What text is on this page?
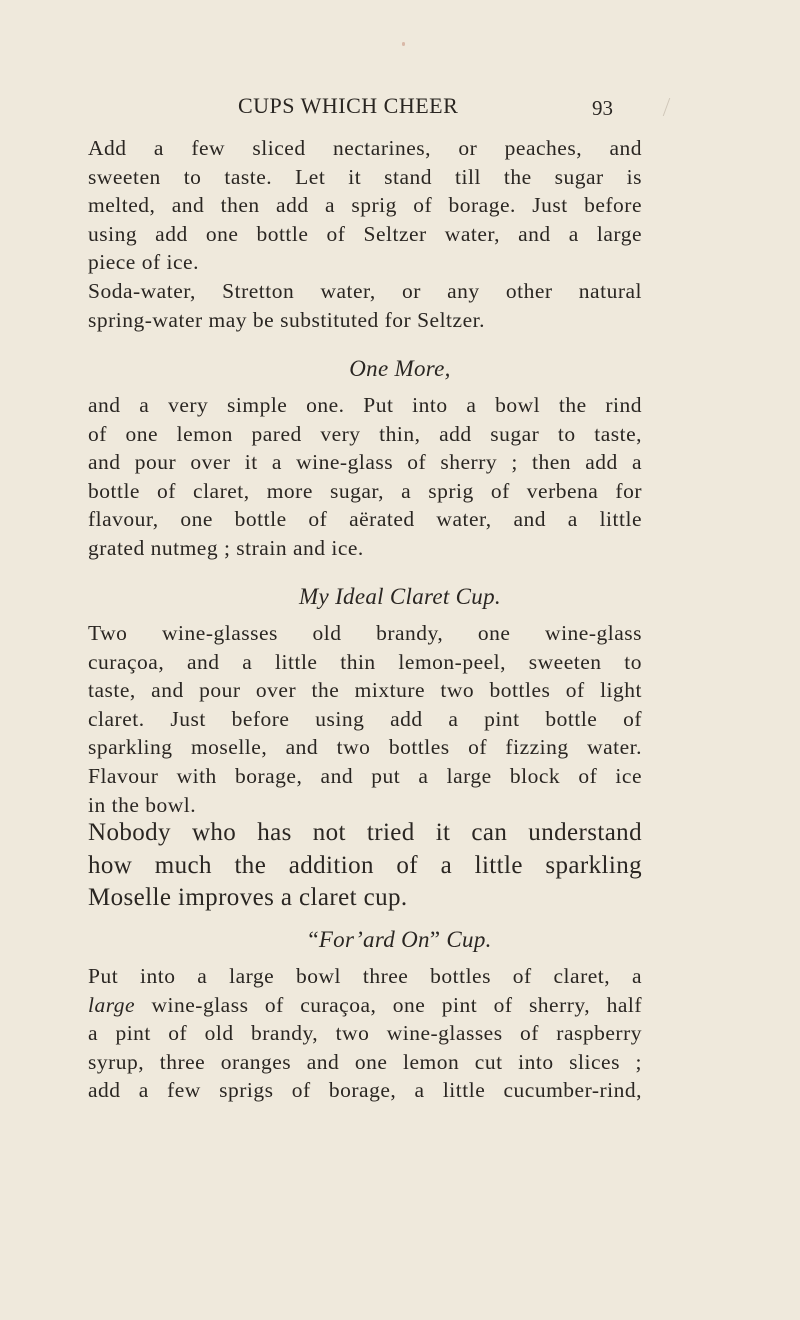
CUPS WHICH CHEER	93
Add a few sliced nectarines, or peaches, and
sweeten to taste. Let it stand till the sugar is
melted, and then add a sprig of borage. Just before
using add one bottle of Seltzer water, and a large
piece of ice.
Soda-water, Stretton water, or any other natural
spring-water may be substituted for Seltzer.
One More,
and a very simple one. Put into a bowl the rind
of one lemon pared very thin, add sugar to taste,
and pour over it a wine-glass of sherry ; then add a
bottle of claret, more sugar, a sprig of verbena for
flavour, one bottle of aërated water, and a little
grated nutmeg ; strain and ice.
My Ideal Claret Cup.
Two wine-glasses old brandy, one wine-glass
curaçoa, and a little thin lemon-peel, sweeten to
taste, and pour over the mixture two bottles of light
claret. Just before using add a pint bottle of
sparkling moselle, and two bottles of fizzing water.
Flavour with borage, and put a large block of ice
in the bowl.
Nobody who has not tried it can understand
how much the addition of a little sparkling
Moselle improves a claret cup.
“For’ard On” Cup.
Put into a large bowl three bottles of claret, a
large wine-glass of curaçoa, one pint of sherry, half
a pint of old brandy, two wine-glasses of raspberry
syrup, three oranges and one lemon cut into slices ;
add a few sprigs of borage, a little cucumber-rind,
